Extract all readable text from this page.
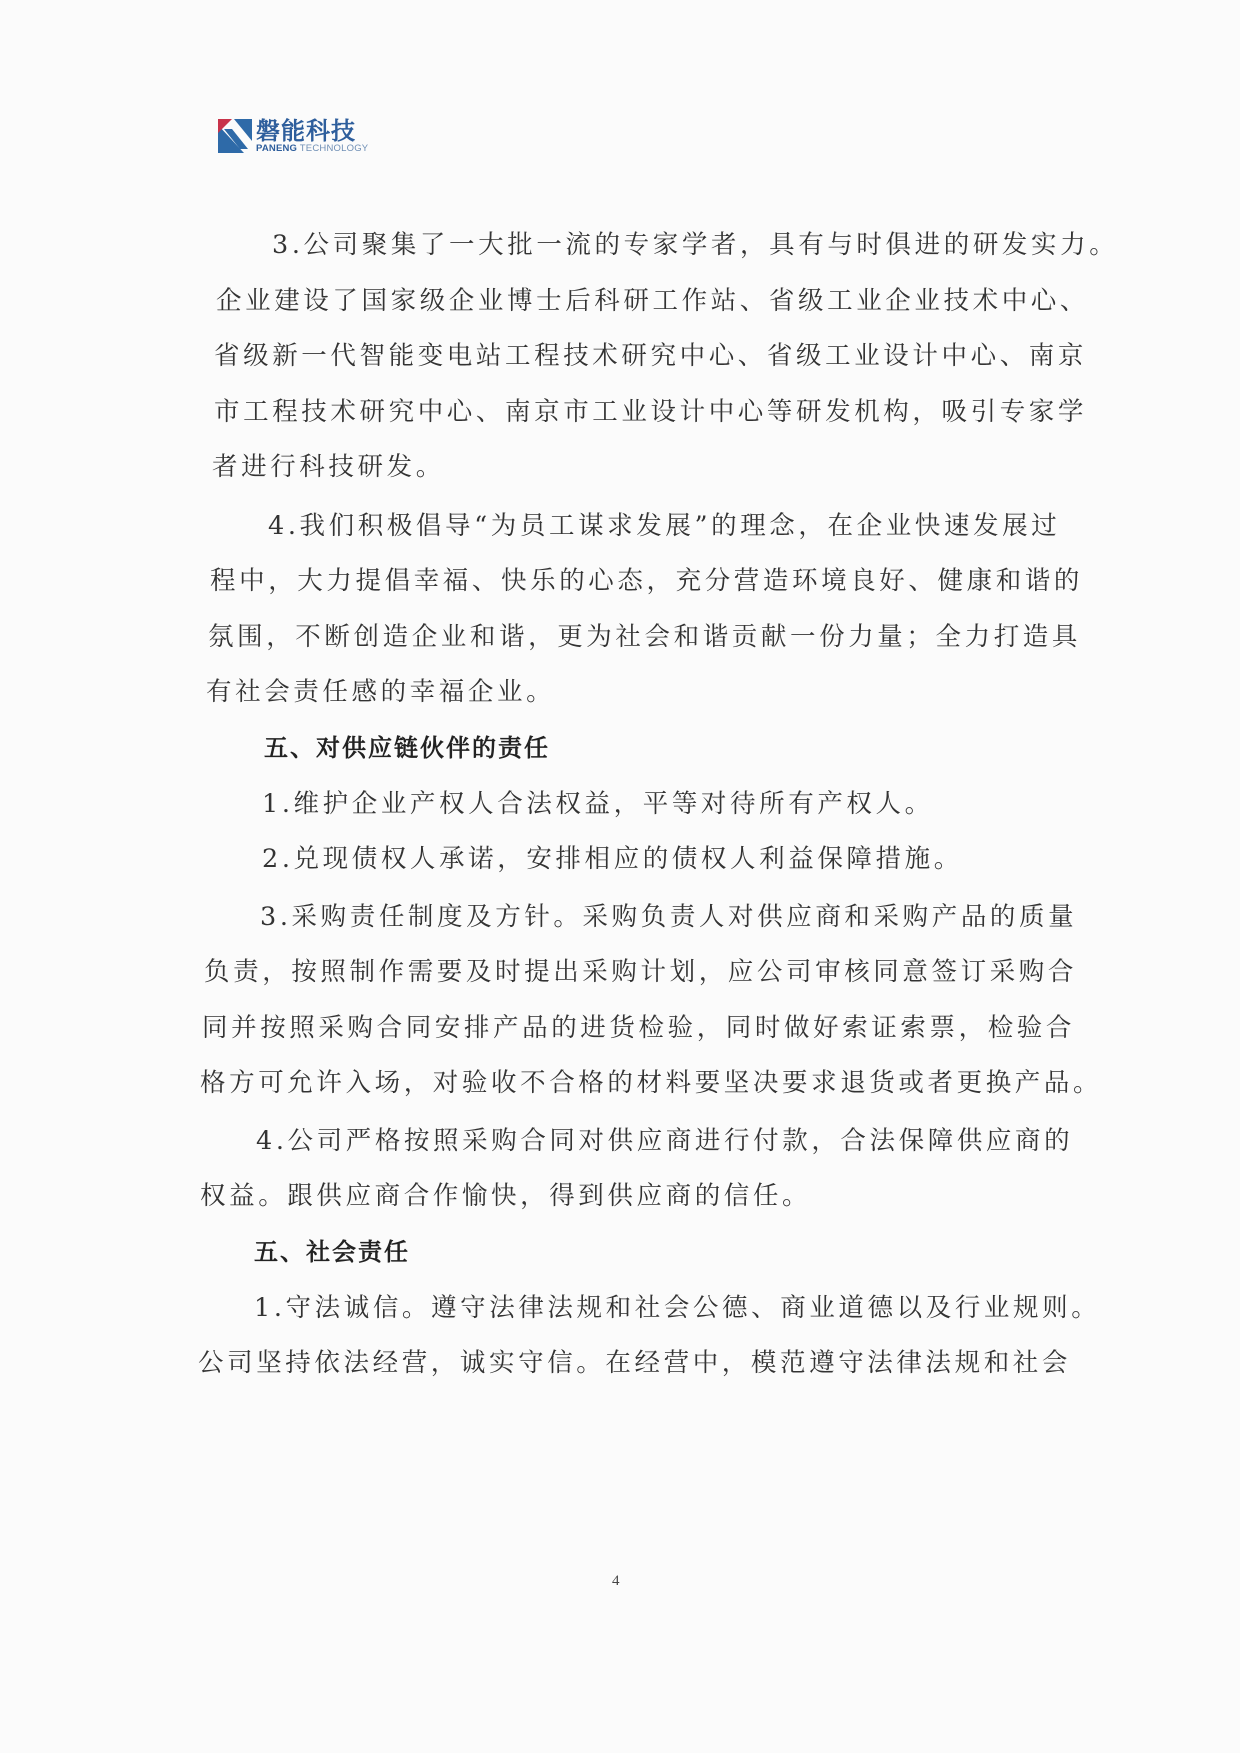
磐能科技
PANENG TECHNOLOGY
3.公司聚集了一大批一流的专家学者，具有与时俱进的研发实力。
企业建设了国家级企业博士后科研工作站、省级工业企业技术中心、
省级新一代智能变电站工程技术研究中心、省级工业设计中心、南京
市工程技术研究中心、南京市工业设计中心等研发机构，吸引专家学
者进行科技研发。
4.我们积极倡导“为员工谋求发展”的理念，在企业快速发展过
程中，大力提倡幸福、快乐的心态，充分营造环境良好、健康和谐的
氛围，不断创造企业和谐，更为社会和谐贡献一份力量；全力打造具
有社会责任感的幸福企业。
五、对供应链伙伴的责任
1.维护企业产权人合法权益，平等对待所有产权人。
2.兑现债权人承诺，安排相应的债权人利益保障措施。
3.采购责任制度及方针。采购负责人对供应商和采购产品的质量
负责，按照制作需要及时提出采购计划，应公司审核同意签订采购合
同并按照采购合同安排产品的进货检验，同时做好索证索票，检验合
格方可允许入场，对验收不合格的材料要坚决要求退货或者更换产品。
4.公司严格按照采购合同对供应商进行付款，合法保障供应商的
权益。跟供应商合作愉快，得到供应商的信任。
五、社会责任
1.守法诚信。遵守法律法规和社会公德、商业道德以及行业规则。
公司坚持依法经营，诚实守信。在经营中，模范遵守法律法规和社会
4
